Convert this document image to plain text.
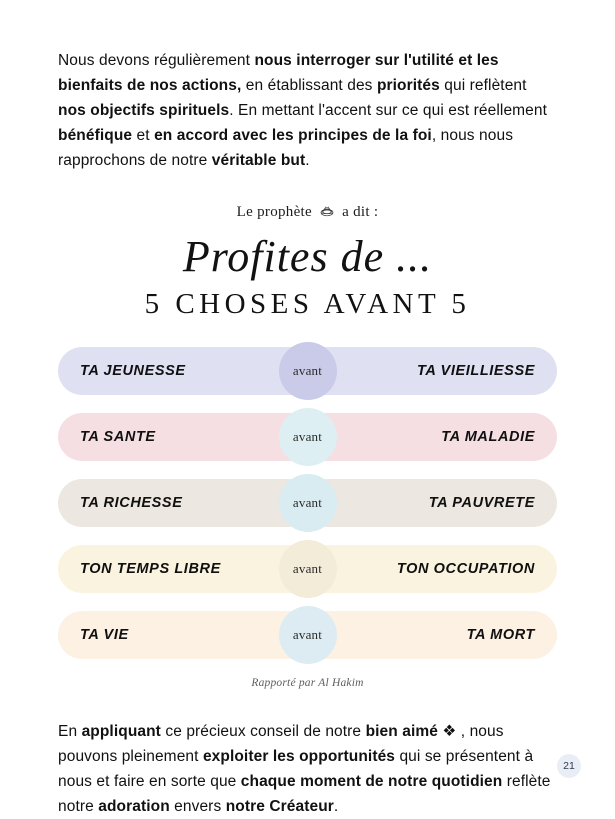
Nous devons régulièrement nous interroger sur l'utilité et les bienfaits de nos actions, en établissant des priorités qui reflètent nos objectifs spirituels. En mettant l'accent sur ce qui est réellement bénéfique et en accord avec les principes de la foi, nous nous rapprochons de notre véritable but.

Le prophète a dit :
Profites de ...
5 CHOSES AVANT 5
TA JEUNESSE	avant	TA VIEILLIESSE
TA SANTE	avant	TA MALADIE
TA RICHESSE	avant	TA PAUVRETE
TON TEMPS LIBRE	avant	TON OCCUPATION
TA VIE	avant	TA MORT
Rapporté par Al Hakim

En appliquant ce précieux conseil de notre bien aimé ❖ , nous pouvons pleinement exploiter les opportunités qui se présentent à nous et faire en sorte que chaque moment de notre quotidien reflète notre adoration envers notre Créateur.

21
